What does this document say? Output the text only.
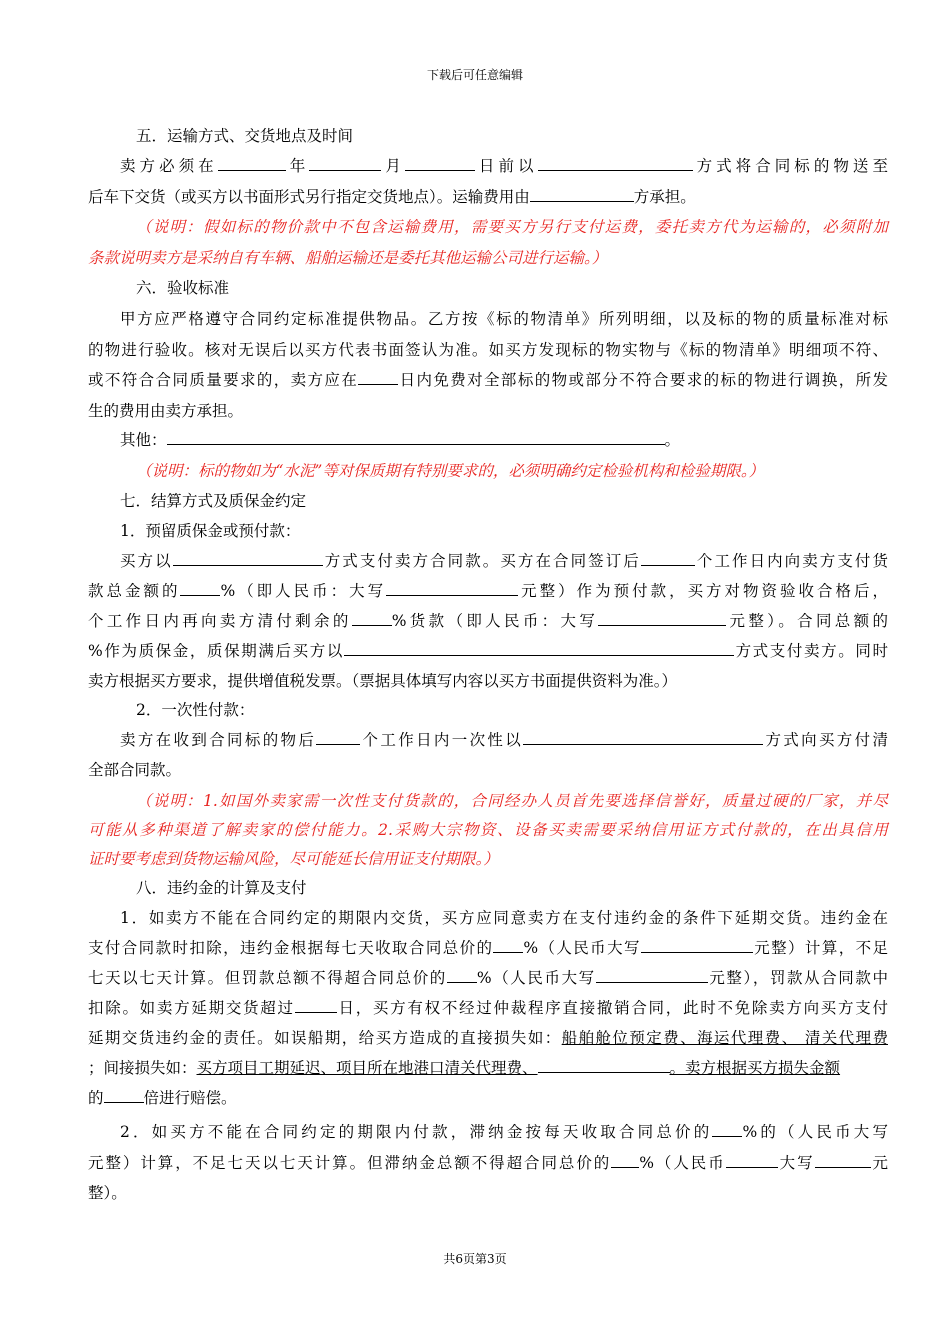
下载后可任意编辑
五．运输方式、交货地点及时间
卖方必须在	年	月	日前以	方式将合同标的物送至
后车下交货（或买方以书面形式另行指定交货地点）。运输费用由	方承担。
（说明：假如标的物价款中不包含运输费用，需要买方另行支付运费，委托卖方代为运输的，必须附加
条款说明卖方是采纳自有车辆、船舶运输还是委托其他运输公司进行运输。）
六．验收标准
甲方应严格遵守合同约定标准提供物品。乙方按《标的物清单》所列明细，以及标的物的质量标准对标
的物进行验收。核对无误后以买方代表书面签认为准。如买方发现标的物实物与《标的物清单》明细项不符、
或不符合合同质量要求的，卖方应在	日内免费对全部标的物或部分不符合要求的标的物进行调换，所发
生的费用由卖方承担。
其他：	。
（说明：标的物如为“水泥”等对保质期有特别要求的，必须明确约定检验机构和检验期限。）
七．结算方式及质保金约定
1．预留质保金或预付款：
买方以	方式支付卖方合同款。买方在合同签订后	个工作日内向卖方支付货
款总金额的	%（即人民币：大写	元整）作为预付款，买方对物资验收合格后，
个工作日内再向卖方清付剩余的	%货款（即人民币：大写	元整）。合同总额的
%作为质保金，质保期满后买方以	方式支付卖方。同时
卖方根据买方要求，提供增值税发票。（票据具体填写内容以买方书面提供资料为准。）
2．一次性付款：
卖方在收到合同标的物后	个工作日内一次性以	方式向买方付清
全部合同款。
（说明：1.如国外卖家需一次性支付货款的，合同经办人员首先要选择信誉好，质量过硬的厂家，并尽
可能从多种渠道了解卖家的偿付能力。2.采购大宗物资、设备买卖需要采纳信用证方式付款的，在出具信用
证时要考虑到货物运输风险，尽可能延长信用证支付期限。）
八．违约金的计算及支付
1．如卖方不能在合同约定的期限内交货，买方应同意卖方在支付违约金的条件下延期交货。违约金在
支付合同款时扣除，违约金根据每七天收取合同总价的 %（人民币大写	元整）计算，不足
七天以七天计算。但罚款总额不得超合同总价的 %（人民币大写	元整），罚款从合同款中
扣除。如卖方延期交货超过	日，买方有权不经过仲裁程序直接撤销合同，此时不免除卖方向买方支付
延期交货违约金的责任。如误船期，给买方造成的直接损失如：船舶舱位预定费、海运代理费、 清关代理费
；间接损失如：买方项目工期延迟、项目所在地港口清关代理费、	。卖方根据买方损失金额
的	倍进行赔偿。
2．如买方不能在合同约定的期限内付款，滞纳金按每天收取合同总价的 %的（人民币大写
元整）计算，不足七天以七天计算。但滞纳金总额不得超合同总价的 %（人民币	大写	元
整）。
共6页第3页
